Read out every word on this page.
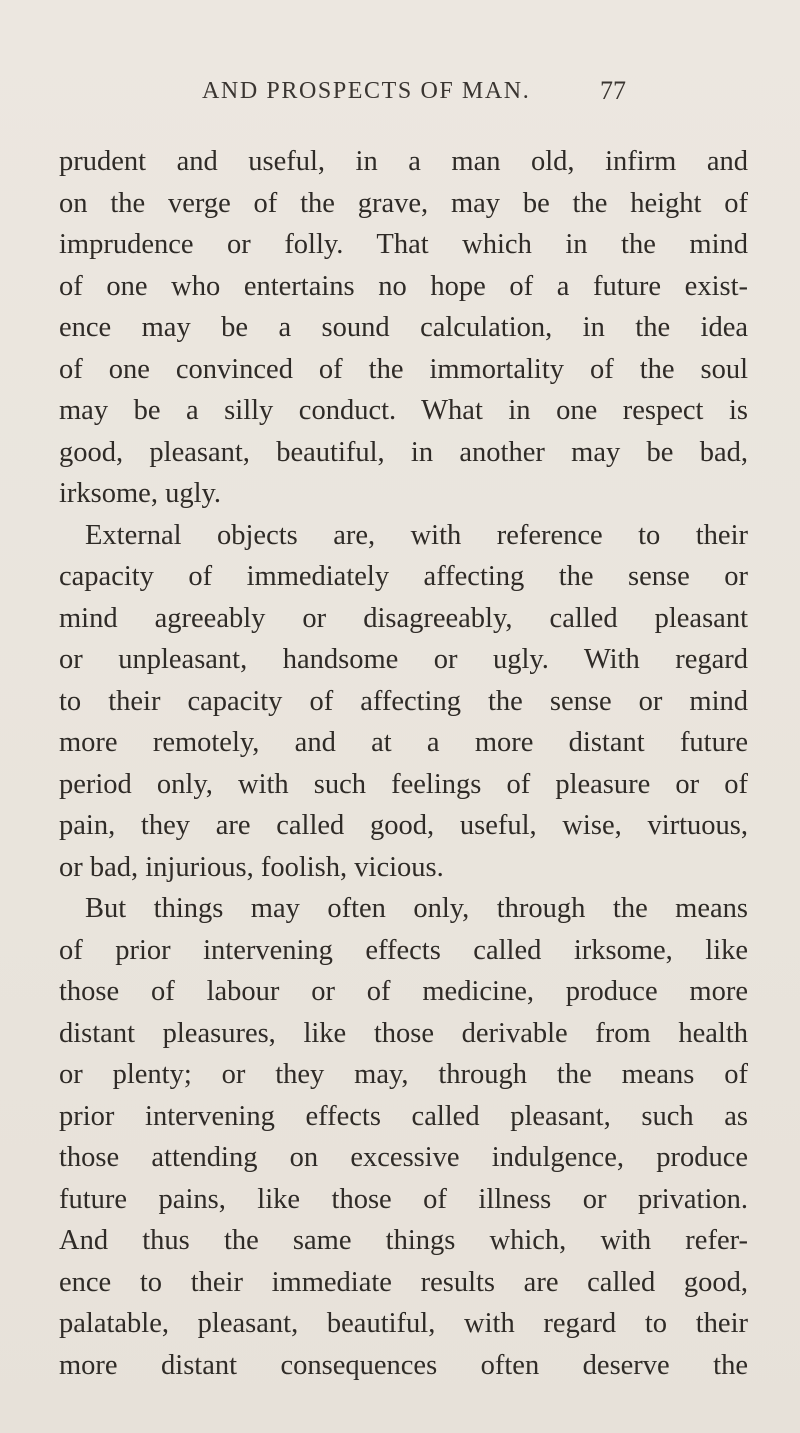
AND PROSPECTS OF MAN.	77
prudent and useful, in a man old, infirm and
on the verge of the grave, may be the height of
imprudence or folly. That which in the mind
of one who entertains no hope of a future exist-
ence may be a sound calculation, in the idea
of one convinced of the immortality of the soul
may be a silly conduct. What in one respect is
good, pleasant, beautiful, in another may be bad,
irksome, ugly.
External objects are, with reference to their
capacity of immediately affecting the sense or
mind agreeably or disagreeably, called pleasant
or unpleasant, handsome or ugly. With regard
to their capacity of affecting the sense or mind
more remotely, and at a more distant future
period only, with such feelings of pleasure or of
pain, they are called good, useful, wise, virtuous,
or bad, injurious, foolish, vicious.
But things may often only, through the means
of prior intervening effects called irksome, like
those of labour or of medicine, produce more
distant pleasures, like those derivable from health
or plenty; or they may, through the means of
prior intervening effects called pleasant, such as
those attending on excessive indulgence, produce
future pains, like those of illness or privation.
And thus the same things which, with refer-
ence to their immediate results are called good,
palatable, pleasant, beautiful, with regard to their
more distant consequences often deserve the
